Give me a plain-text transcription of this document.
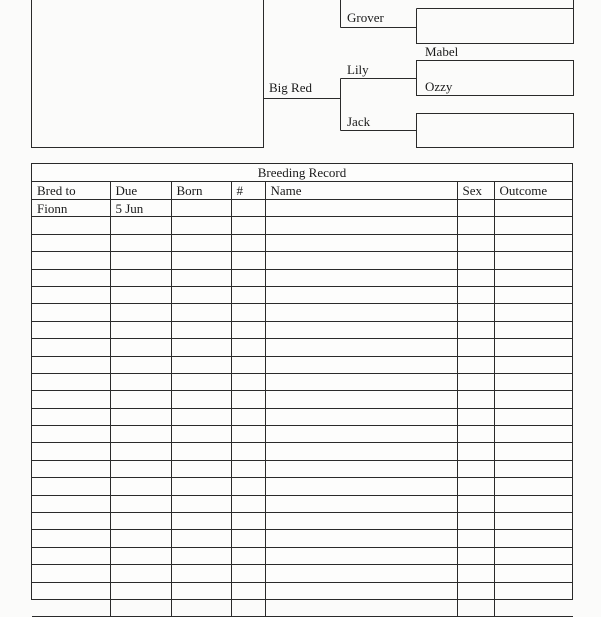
Grover
Mabel
Lily
Ozzy
Big Red
Jack
Breeding Record
Bred to	Due	Born	#	Name	Sex	Outcome
Fionn	5 Jun					
